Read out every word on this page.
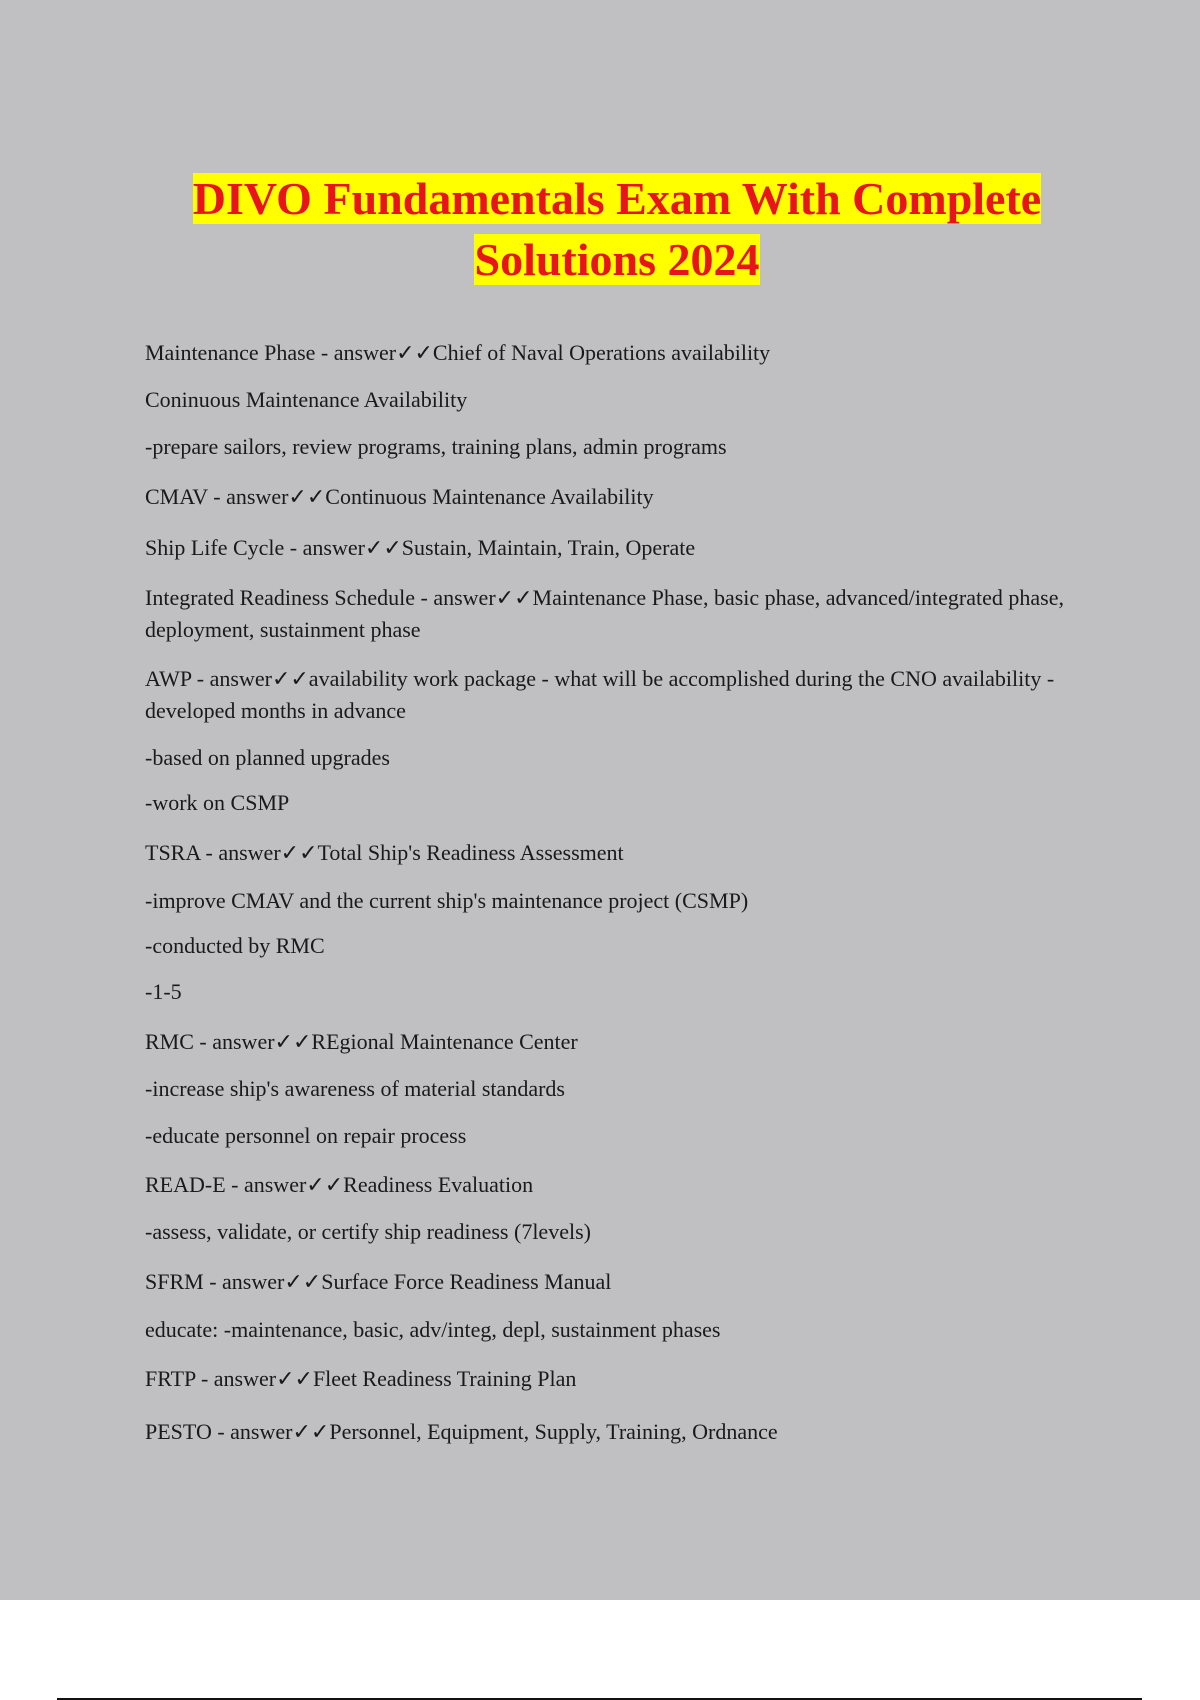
DIVO Fundamentals Exam With Complete
Solutions 2024
Maintenance Phase - answer✓✓Chief of Naval Operations availability
Coninuous Maintenance Availability
-prepare sailors, review programs, training plans, admin programs
CMAV - answer✓✓Continuous Maintenance Availability
Ship Life Cycle - answer✓✓Sustain, Maintain, Train, Operate
Integrated Readiness Schedule - answer✓✓Maintenance Phase, basic phase, advanced/integrated phase, deployment, sustainment phase
AWP - answer✓✓availability work package - what will be accomplished during the CNO availability - developed months in advance
-based on planned upgrades
-work on CSMP
TSRA - answer✓✓Total Ship's Readiness Assessment
-improve CMAV and the current ship's maintenance project (CSMP)
-conducted by RMC
-1-5
RMC - answer✓✓REgional Maintenance Center
-increase ship's awareness of material standards
-educate personnel on repair process
READ-E - answer✓✓Readiness Evaluation
-assess, validate, or certify ship readiness (7levels)
SFRM - answer✓✓Surface Force Readiness Manual
educate: -maintenance, basic, adv/integ, depl, sustainment phases
FRTP - answer✓✓Fleet Readiness Training Plan
PESTO - answer✓✓Personnel, Equipment, Supply, Training, Ordnance
